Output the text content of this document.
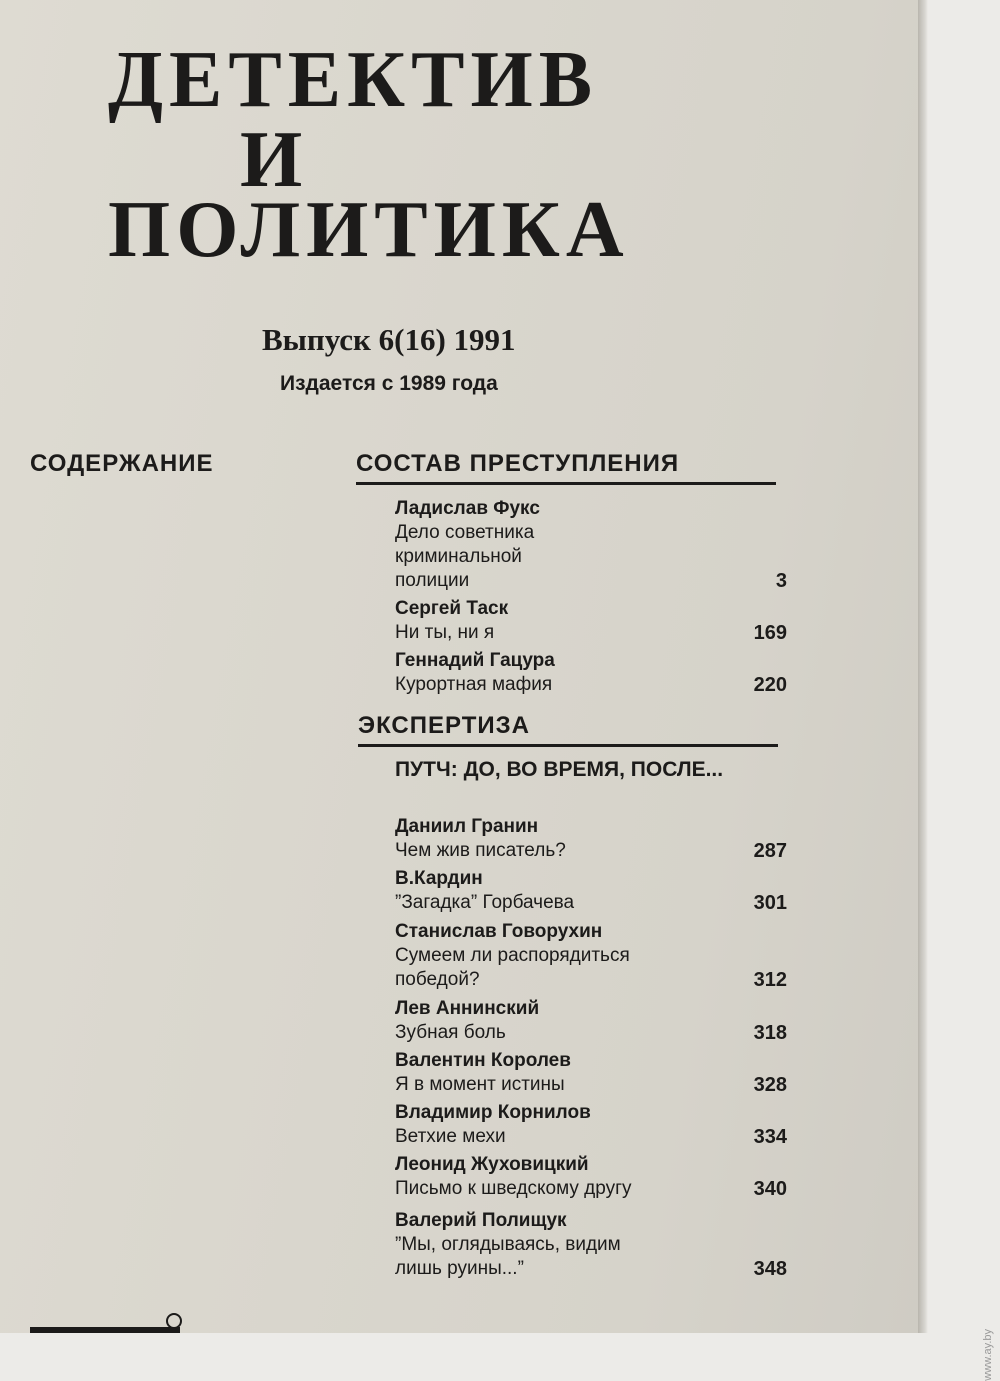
ДЕТЕКТИВ
И
ПОЛИТИКА
Выпуск 6(16) 1991
Издается с 1989 года
СОДЕРЖАНИЕ	СОСТАВ ПРЕСТУПЛЕНИЯ
Ладислав Фукс
Дело советника криминальной полиции	3
Сергей Таск
Ни ты, ни я	169
Геннадий Гацура
Курортная мафия	220
ЭКСПЕРТИЗА
ПУТЧ: ДО, ВО ВРЕМЯ, ПОСЛЕ...
Даниил Гранин
Чем жив писатель?	287
В.Кардин
”Загадка” Горбачева	301
Станислав Говорухин
Сумеем ли распорядиться победой?	312
Лев Аннинский
Зубная боль	318
Валентин Королев
Я в момент истины	328
Владимир Корнилов
Ветхие мехи	334
Леонид Жуховицкий
Письмо к шведскому другу	340
Валерий Полищук
”Мы, оглядываясь, видим лишь руины...”	348
www.ay.by
